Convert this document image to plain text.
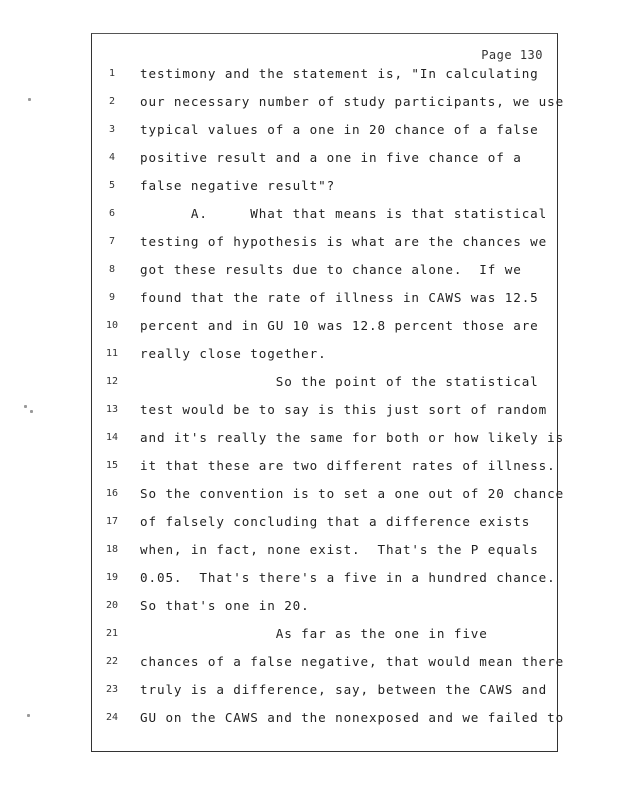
Page 130
1	testimony and the statement is, "In calculating
2	our necessary number of study participants, we use
3	typical values of a one in 20 chance of a false
4	positive result and a one in five chance of a
5	false negative result"?
6	A.     What that means is that statistical
7	testing of hypothesis is what are the chances we
8	got these results due to chance alone.  If we
9	found that the rate of illness in CAWS was 12.5
10	percent and in GU 10 was 12.8 percent those are
11	really close together.
12	So the point of the statistical
13	test would be to say is this just sort of random
14	and it's really the same for both or how likely is
15	it that these are two different rates of illness.
16	So the convention is to set a one out of 20 chance
17	of falsely concluding that a difference exists
18	when, in fact, none exist.  That's the P equals
19	0.05.  That's there's a five in a hundred chance.
20	So that's one in 20.
21	As far as the one in five
22	chances of a false negative, that would mean there
23	truly is a difference, say, between the CAWS and
24	GU on the CAWS and the nonexposed and we failed to
